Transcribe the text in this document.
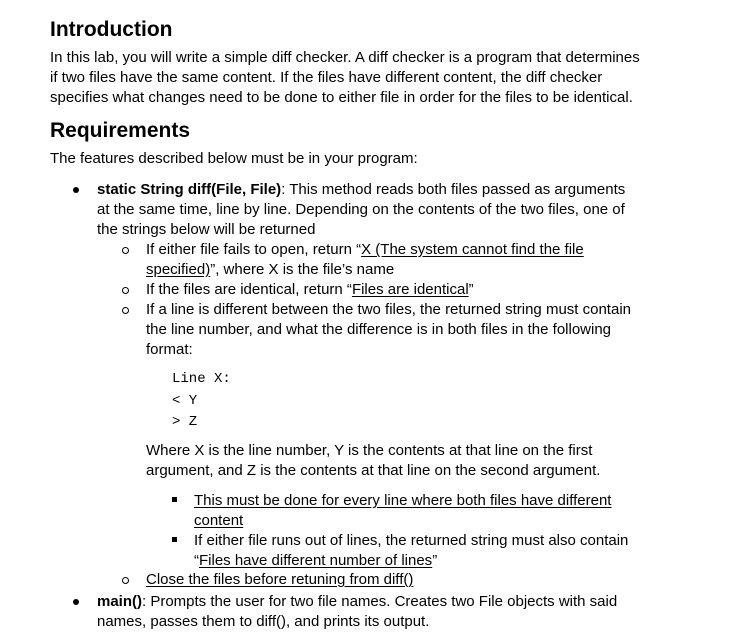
Introduction
In this lab, you will write a simple diff checker. A diff checker is a program that determines
if two files have the same content. If the files have different content, the diff checker
specifies what changes need to be done to either file in order for the files to be identical.
Requirements
The features described below must be in your program:
static String diff(File, File): This method reads both files passed as arguments
at the same time, line by line. Depending on the contents of the two files, one of
the strings below will be returned
If either file fails to open, return “X (The system cannot find the file
specified)”, where X is the file’s name
If the files are identical, return “Files are identical”
If a line is different between the two files, the returned string must contain
the line number, and what the difference is in both files in the following
format:
Line X:
< Y
> Z
Where X is the line number, Y is the contents at that line on the first
argument, and Z is the contents at that line on the second argument.
This must be done for every line where both files have different
content
If either file runs out of lines, the returned string must also contain
“Files have different number of lines”
Close the files before retuning from diff()
main(): Prompts the user for two file names. Creates two File objects with said
names, passes them to diff(), and prints its output.
